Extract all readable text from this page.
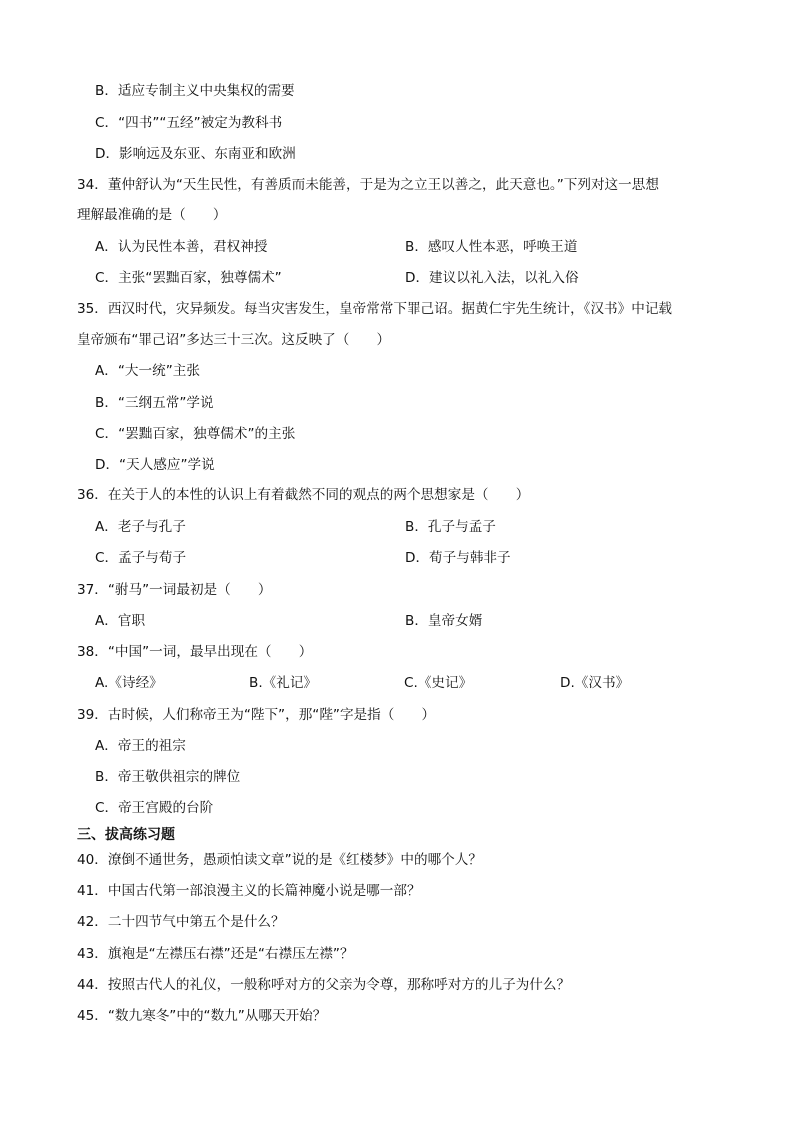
B．适应专制主义中央集权的需要
C．“四书”“五经”被定为教科书
D．影响远及东亚、东南亚和欧洲
34．董仲舒认为“天生民性，有善质而未能善，于是为之立王以善之，此天意也。”下列对这一思想
理解最准确的是（　　）
A．认为民性本善，君权神授	B．感叹人性本恶，呼唤王道
C．主张“罢黜百家，独尊儒术”	D．建议以礼入法，以礼入俗
35．西汉时代，灾异频发。每当灾害发生，皇帝常常下罪己诏。据黄仁宇先生统计，《汉书》中记载
皇帝颁布“罪己诏”多达三十三次。这反映了（　　）
A．“大一统”主张
B．“三纲五常”学说
C．“罢黜百家，独尊儒术”的主张
D．“天人感应”学说
36．在关于人的本性的认识上有着截然不同的观点的两个思想家是（　　）
A．老子与孔子	B．孔子与孟子
C．孟子与荀子	D．荀子与韩非子
37．“驸马”一词最初是（　　）
A．官职	B．皇帝女婿
38．“中国”一词，最早出现在（　　）
A.《诗经》	B.《礼记》	C.《史记》	D.《汉书》
39．古时候，人们称帝王为“陛下”，那“陛”字是指（　　）
A．帝王的祖宗
B．帝王敬供祖宗的牌位
C．帝王宫殿的台阶
三、拔高练习题
40．潦倒不通世务，愚顽怕读文章”说的是《红楼梦》中的哪个人？
41．中国古代第一部浪漫主义的长篇神魔小说是哪一部？
42．二十四节气中第五个是什么？
43．旗袍是“左襟压右襟”还是“右襟压左襟”？
44．按照古代人的礼仪，一般称呼对方的父亲为令尊，那称呼对方的儿子为什么？
45．“数九寒冬”中的“数九”从哪天开始？
